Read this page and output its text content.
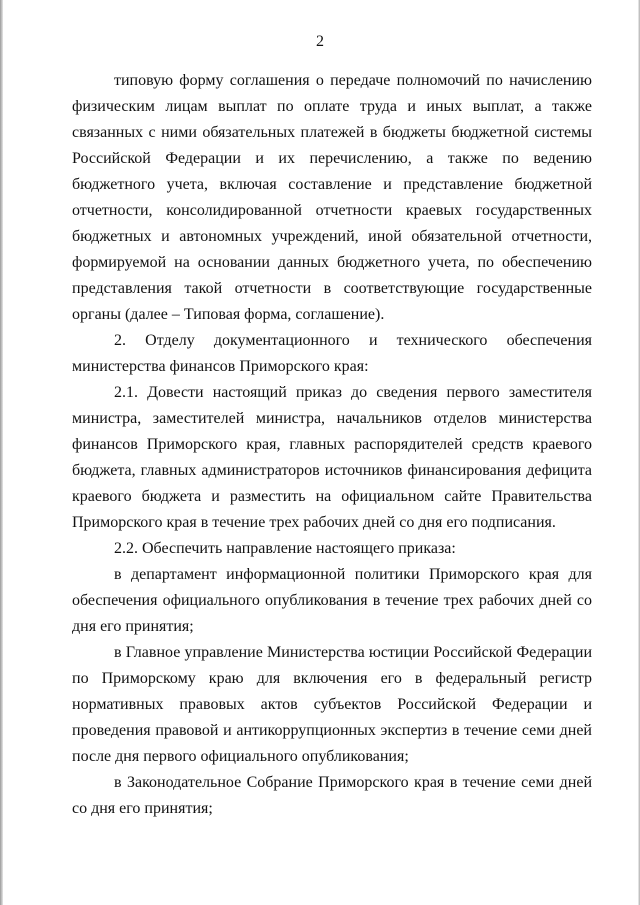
2

типовую форму соглашения о передаче полномочий по начислению физическим лицам выплат по оплате труда и иных выплат, а также связанных с ними обязательных платежей в бюджеты бюджетной системы Российской Федерации и их перечислению, а также по ведению бюджетного учета, включая составление и представление бюджетной отчетности, консолидированной отчетности краевых государственных бюджетных и автономных учреждений, иной обязательной отчетности, формируемой на основании данных бюджетного учета, по обеспечению представления такой отчетности в соответствующие государственные органы (далее – Типовая форма, соглашение).

2. Отделу документационного и технического обеспечения министерства финансов Приморского края:

2.1. Довести настоящий приказ до сведения первого заместителя министра, заместителей министра, начальников отделов министерства финансов Приморского края, главных распорядителей средств краевого бюджета, главных администраторов источников финансирования дефицита краевого бюджета и разместить на официальном сайте Правительства Приморского края в течение трех рабочих дней со дня его подписания.

2.2. Обеспечить направление настоящего приказа:

в департамент информационной политики Приморского края для обеспечения официального опубликования в течение трех рабочих дней со дня его принятия;

в Главное управление Министерства юстиции Российской Федерации по Приморскому краю для включения его в федеральный регистр нормативных правовых актов субъектов Российской Федерации и проведения правовой и антикоррупционных экспертиз в течение семи дней после дня первого официального опубликования;

в Законодательное Собрание Приморского края в течение семи дней со дня его принятия;
